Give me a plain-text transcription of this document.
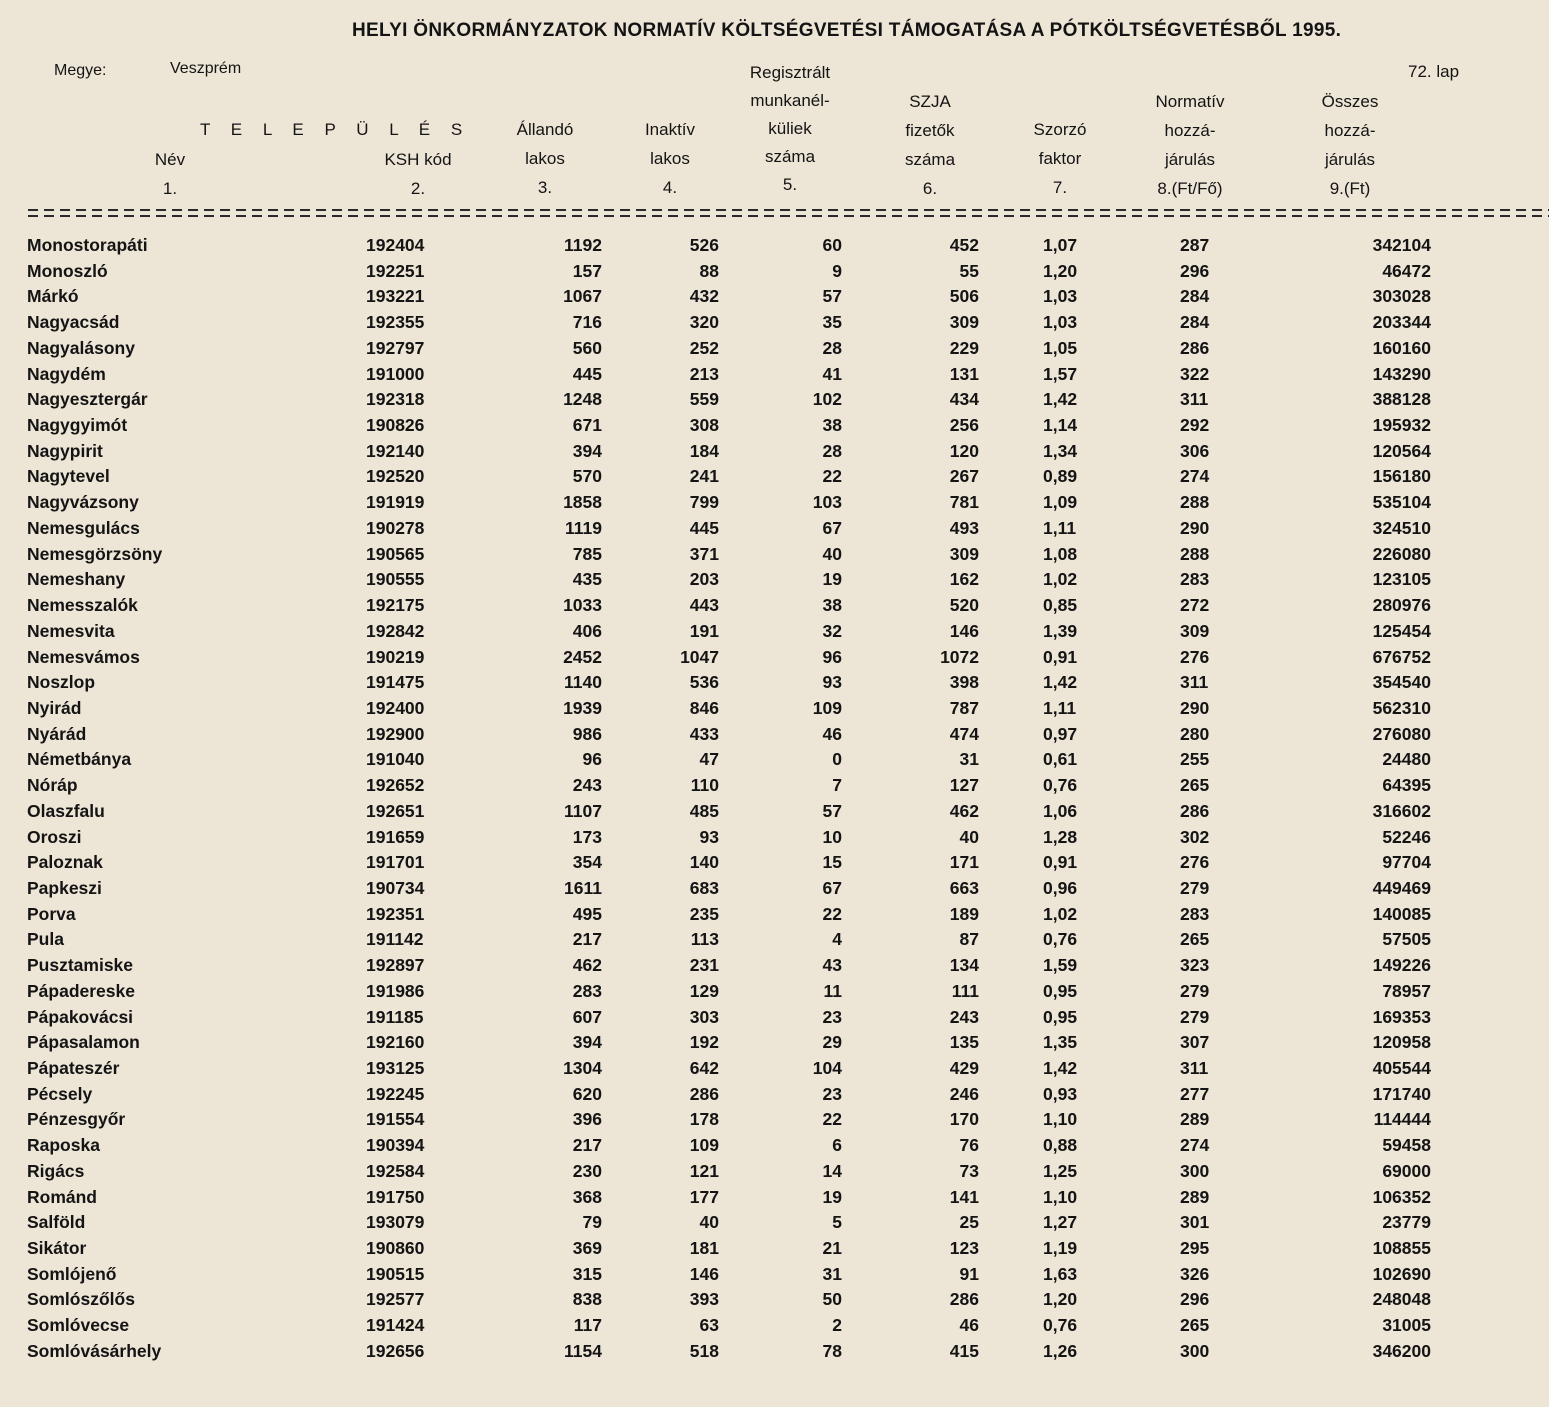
HELYI ÖNKORMÁNYZATOK NORMATÍV KÖLTSÉGVETÉSI TÁMOGATÁSA A PÓTKÖLTSÉGVETÉSBŐL 1995.
Megye:	Veszprém	72. lap
T E L E P Ü L É S
Név
1.
KSH kód
2.
Állandó
lakos
3.
Inaktív
lakos
4.
Regisztrált
munkanél-
küliek
száma
5.
SZJA
fizetők
száma
6.
Szorzó
faktor
7.
Normatív
hozzá-
járulás
8.(Ft/Fő)
Összes
hozzá-
járulás
9.(Ft)
Monostorapáti	192404	1192	526	60	452	1,07	287	342104
Monoszló	192251	157	88	9	55	1,20	296	46472
Márkó	193221	1067	432	57	506	1,03	284	303028
Nagyacsád	192355	716	320	35	309	1,03	284	203344
Nagyalásony	192797	560	252	28	229	1,05	286	160160
Nagydém	191000	445	213	41	131	1,57	322	143290
Nagyesztergár	192318	1248	559	102	434	1,42	311	388128
Nagygyimót	190826	671	308	38	256	1,14	292	195932
Nagypirit	192140	394	184	28	120	1,34	306	120564
Nagytevel	192520	570	241	22	267	0,89	274	156180
Nagyvázsony	191919	1858	799	103	781	1,09	288	535104
Nemesgulács	190278	1119	445	67	493	1,11	290	324510
Nemesgörzsöny	190565	785	371	40	309	1,08	288	226080
Nemeshany	190555	435	203	19	162	1,02	283	123105
Nemesszalók	192175	1033	443	38	520	0,85	272	280976
Nemesvita	192842	406	191	32	146	1,39	309	125454
Nemesvámos	190219	2452	1047	96	1072	0,91	276	676752
Noszlop	191475	1140	536	93	398	1,42	311	354540
Nyirád	192400	1939	846	109	787	1,11	290	562310
Nyárád	192900	986	433	46	474	0,97	280	276080
Németbánya	191040	96	47	0	31	0,61	255	24480
Nóráp	192652	243	110	7	127	0,76	265	64395
Olaszfalu	192651	1107	485	57	462	1,06	286	316602
Oroszi	191659	173	93	10	40	1,28	302	52246
Paloznak	191701	354	140	15	171	0,91	276	97704
Papkeszi	190734	1611	683	67	663	0,96	279	449469
Porva	192351	495	235	22	189	1,02	283	140085
Pula	191142	217	113	4	87	0,76	265	57505
Pusztamiske	192897	462	231	43	134	1,59	323	149226
Pápadereske	191986	283	129	11	111	0,95	279	78957
Pápakovácsi	191185	607	303	23	243	0,95	279	169353
Pápasalamon	192160	394	192	29	135	1,35	307	120958
Pápateszér	193125	1304	642	104	429	1,42	311	405544
Pécsely	192245	620	286	23	246	0,93	277	171740
Pénzesgyőr	191554	396	178	22	170	1,10	289	114444
Raposka	190394	217	109	6	76	0,88	274	59458
Rigács	192584	230	121	14	73	1,25	300	69000
Románd	191750	368	177	19	141	1,10	289	106352
Salföld	193079	79	40	5	25	1,27	301	23779
Sikátor	190860	369	181	21	123	1,19	295	108855
Somlójenő	190515	315	146	31	91	1,63	326	102690
Somlószőlős	192577	838	393	50	286	1,20	296	248048
Somlóvecse	191424	117	63	2	46	0,76	265	31005
Somlóvásárhely	192656	1154	518	78	415	1,26	300	346200
